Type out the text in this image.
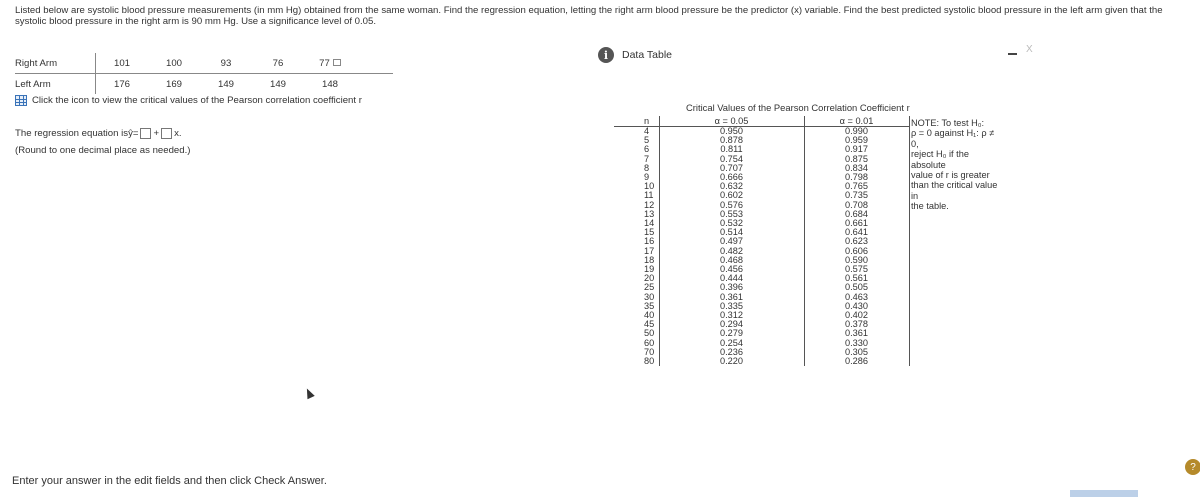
Listed below are systolic blood pressure measurements (in mm Hg) obtained from the same woman. Find the regression equation, letting the right arm blood pressure be the predictor (x) variable. Find the best predicted systolic blood pressure in the left arm given that the systolic blood pressure in the right arm is 90 mm Hg. Use a significance level of 0.05.
Right Arm	101	100	93	76	77
Left Arm	176	169	149	149	148
Click the icon to view the critical values of the Pearson correlation coefficient r
The regression equation is ŷ = + x.
(Round to one decimal place as needed.)
Enter your answer in the edit fields and then click Check Answer.
i	Data Table	X
Critical Values of the Pearson Correlation Coefficient r
n	α = 0.05	α = 0.01
4	0.950	0.990
5	0.878	0.959
6	0.811	0.917
7	0.754	0.875
8	0.707	0.834
9	0.666	0.798
10	0.632	0.765
11	0.602	0.735
12	0.576	0.708
13	0.553	0.684
14	0.532	0.661
15	0.514	0.641
16	0.497	0.623
17	0.482	0.606
18	0.468	0.590
19	0.456	0.575
20	0.444	0.561
25	0.396	0.505
30	0.361	0.463
35	0.335	0.430
40	0.312	0.402
45	0.294	0.378
50	0.279	0.361
60	0.254	0.330
70	0.236	0.305
80	0.220	0.286
NOTE: To test H₀:
ρ = 0 against H₁: ρ ≠ 0,
reject H₀ if the absolute
value of r is greater
than the critical value in
the table.
?
